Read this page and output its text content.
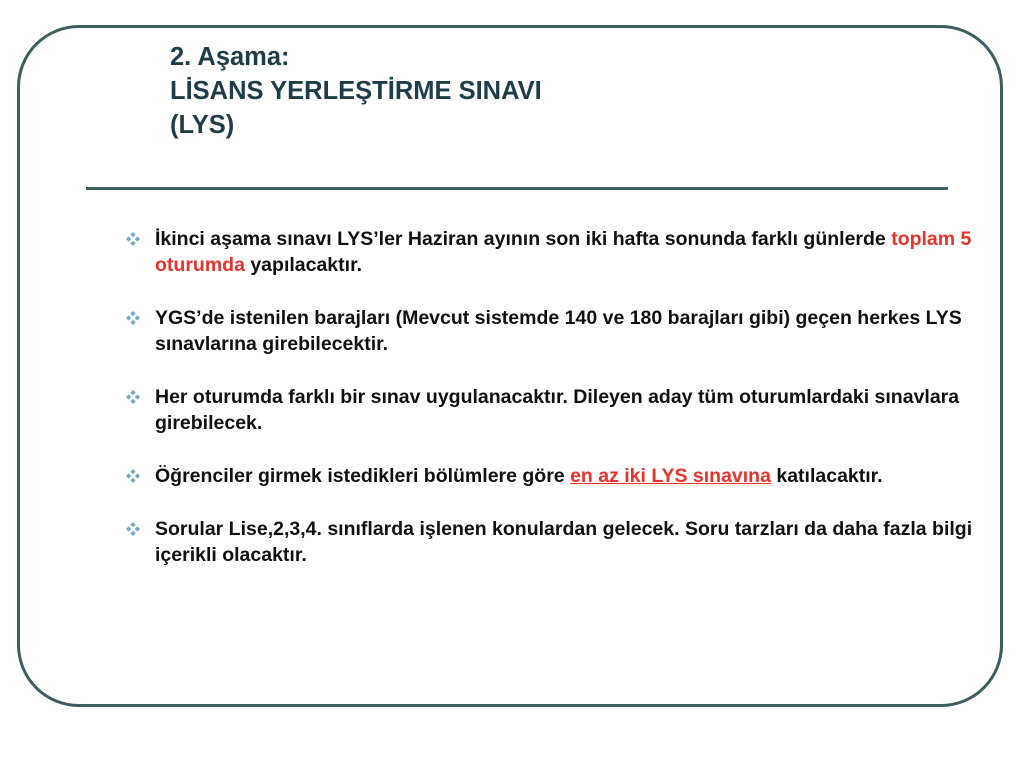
2. Aşama:
LİSANS YERLEŞTİRME SINAVI
(LYS)
İkinci aşama sınavı LYS’ler Haziran ayının son iki hafta sonunda farklı günlerde toplam 5 oturumda yapılacaktır.
YGS’de istenilen barajları (Mevcut sistemde 140 ve 180 barajları gibi) geçen herkes LYS sınavlarına girebilecektir.
Her oturumda farklı bir sınav uygulanacaktır. Dileyen aday tüm oturumlardaki sınavlara girebilecek.
Öğrenciler girmek istedikleri bölümlere göre en az iki LYS sınavına katılacaktır.
Sorular Lise,2,3,4. sınıflarda işlenen konulardan gelecek. Soru tarzları da daha fazla bilgi içerikli olacaktır.
